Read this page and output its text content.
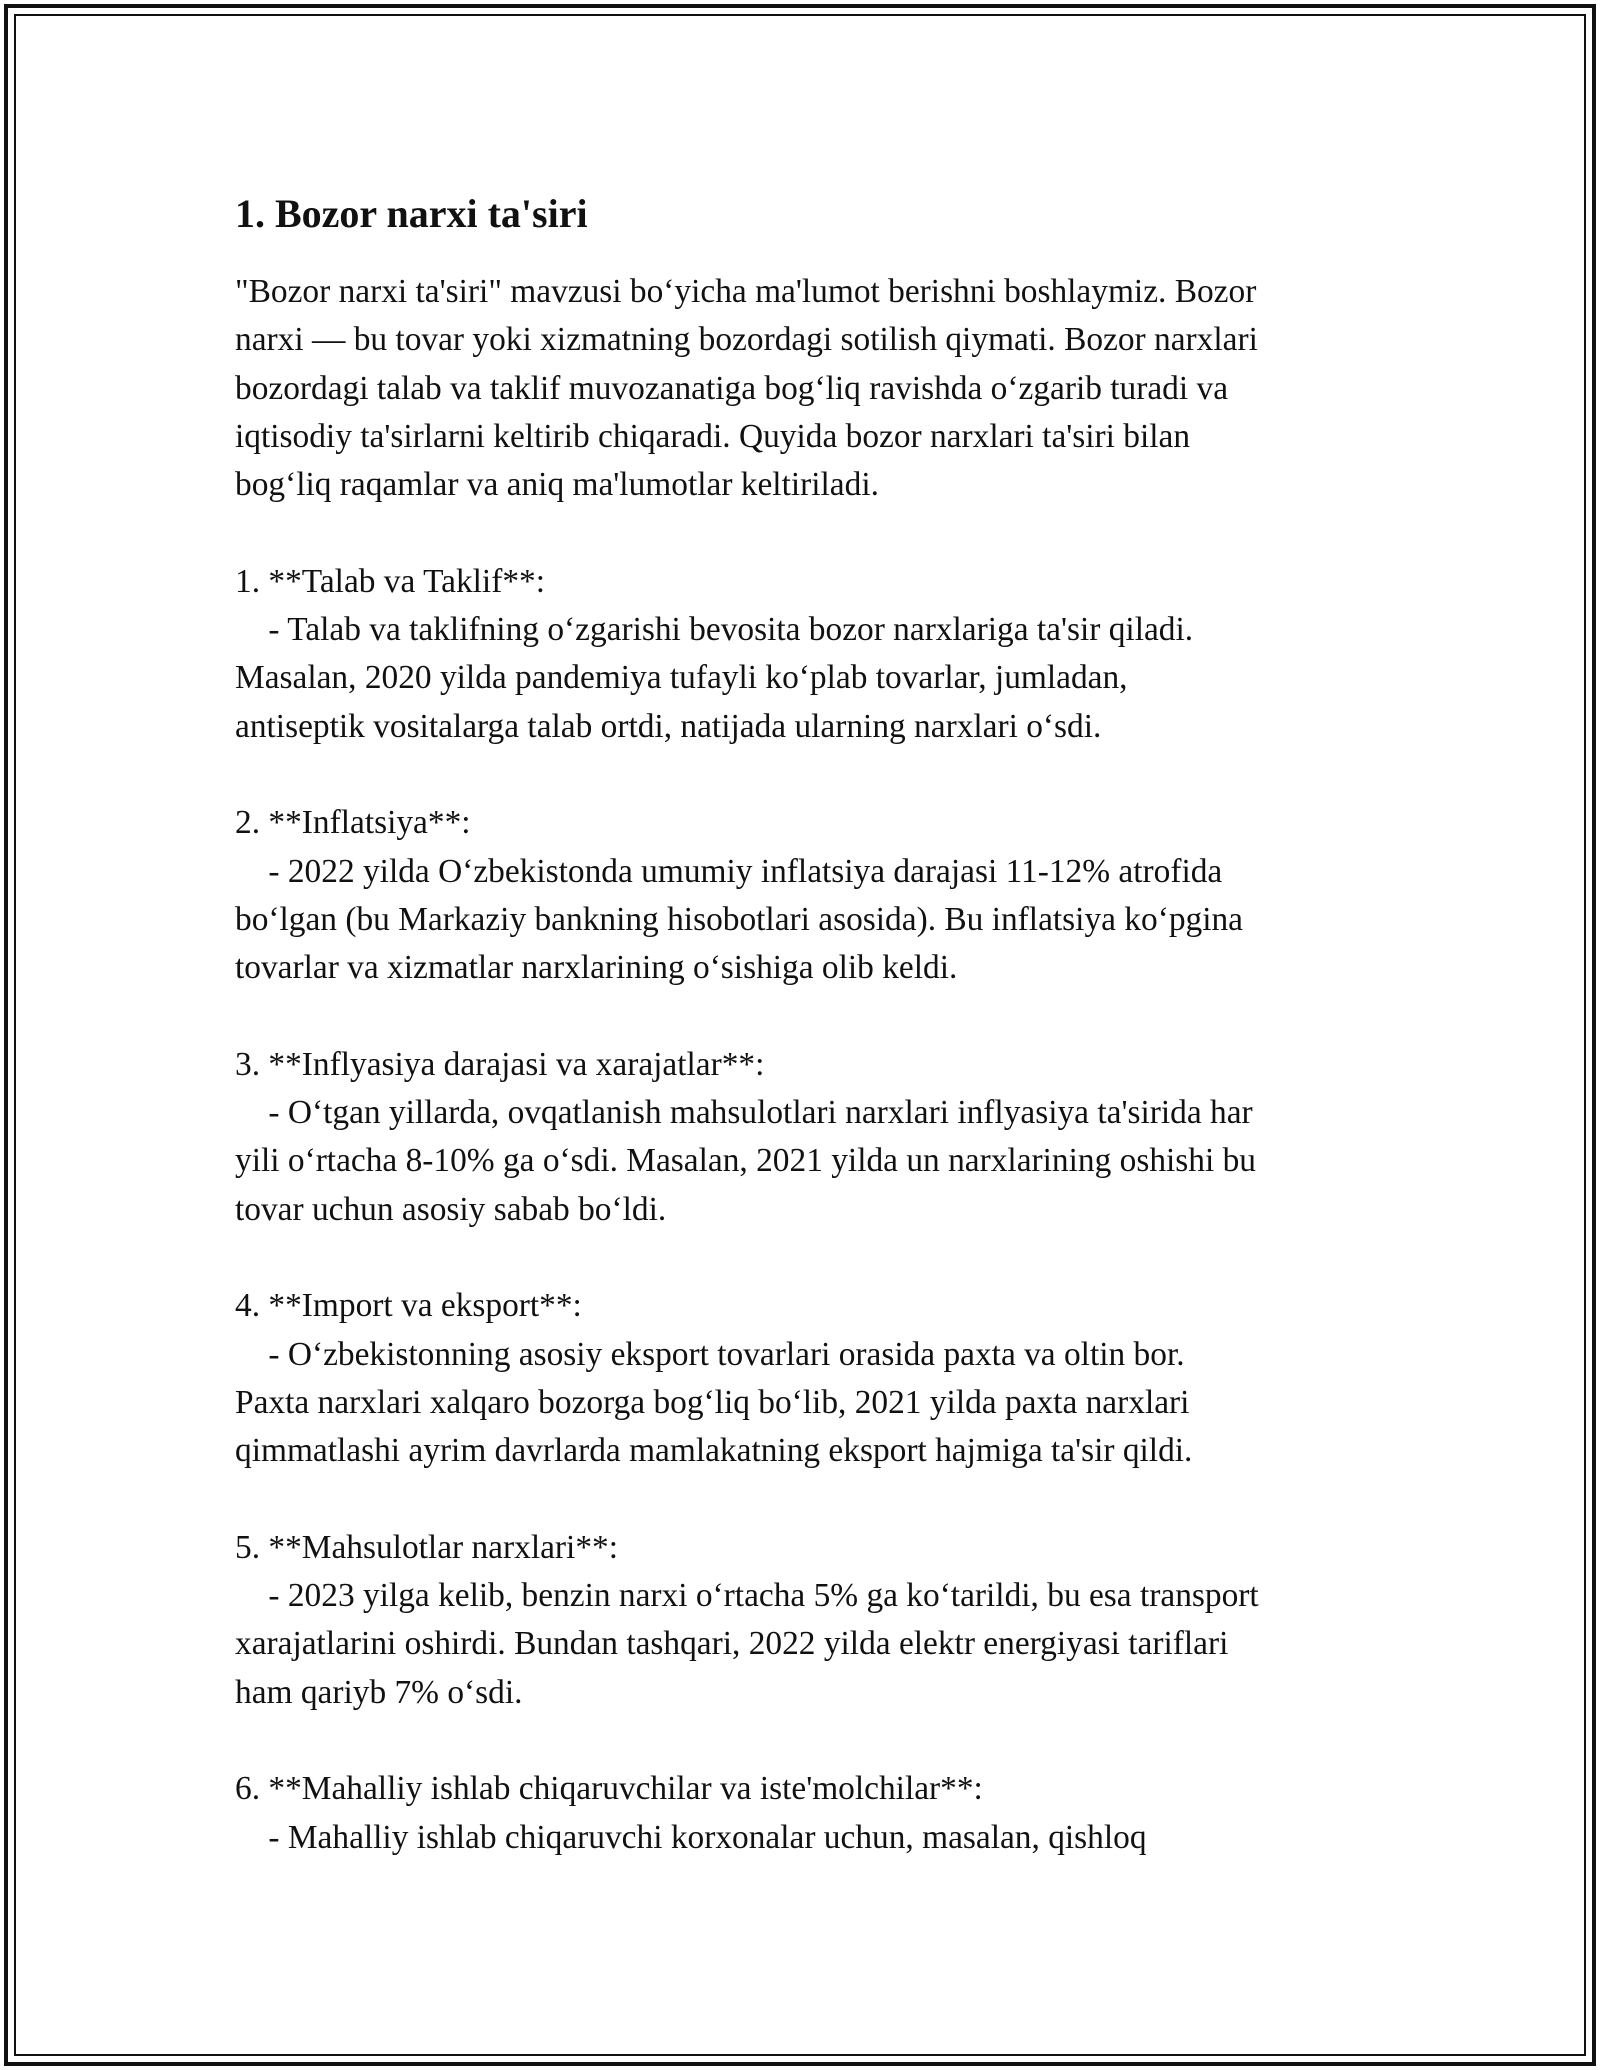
1. Bozor narxi ta'siri

"Bozor narxi ta'siri" mavzusi bo‘yicha ma'lumot berishni boshlaymiz. Bozor
narxi — bu tovar yoki xizmatning bozordagi sotilish qiymati. Bozor narxlari
bozordagi talab va taklif muvozanatiga bog‘liq ravishda o‘zgarib turadi va
iqtisodiy ta'sirlarni keltirib chiqaradi. Quyida bozor narxlari ta'siri bilan
bog‘liq raqamlar va aniq ma'lumotlar keltiriladi.

1. **Talab va Taklif**:
- Talab va taklifning o‘zgarishi bevosita bozor narxlariga ta'sir qiladi.
Masalan, 2020 yilda pandemiya tufayli ko‘plab tovarlar, jumladan,
antiseptik vositalarga talab ortdi, natijada ularning narxlari o‘sdi.

2. **Inflatsiya**:
- 2022 yilda O‘zbekistonda umumiy inflatsiya darajasi 11-12% atrofida
bo‘lgan (bu Markaziy bankning hisobotlari asosida). Bu inflatsiya ko‘pgina
tovarlar va xizmatlar narxlarining o‘sishiga olib keldi.

3. **Inflyasiya darajasi va xarajatlar**:
- O‘tgan yillarda, ovqatlanish mahsulotlari narxlari inflyasiya ta'sirida har
yili o‘rtacha 8-10% ga o‘sdi. Masalan, 2021 yilda un narxlarining oshishi bu
tovar uchun asosiy sabab bo‘ldi.

4. **Import va eksport**:
- O‘zbekistonning asosiy eksport tovarlari orasida paxta va oltin bor.
Paxta narxlari xalqaro bozorga bog‘liq bo‘lib, 2021 yilda paxta narxlari
qimmatlashi ayrim davrlarda mamlakatning eksport hajmiga ta'sir qildi.

5. **Mahsulotlar narxlari**:
- 2023 yilga kelib, benzin narxi o‘rtacha 5% ga ko‘tarildi, bu esa transport
xarajatlarini oshirdi. Bundan tashqari, 2022 yilda elektr energiyasi tariflari
ham qariyb 7% o‘sdi.

6. **Mahalliy ishlab chiqaruvchilar va iste'molchilar**:
- Mahalliy ishlab chiqaruvchi korxonalar uchun, masalan, qishloq
